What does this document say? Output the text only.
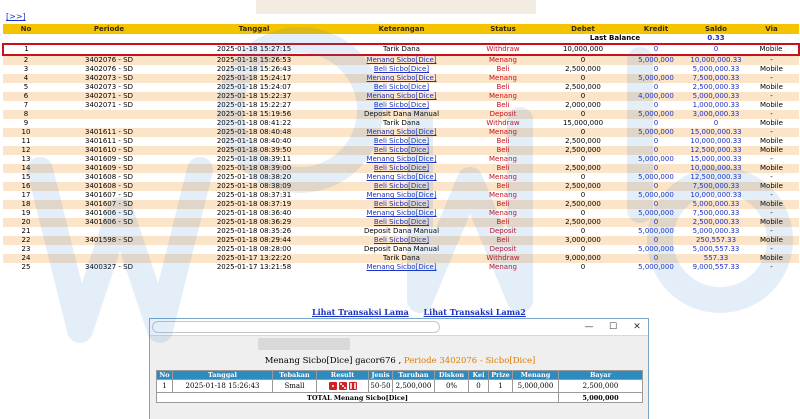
[>>]
No	Periode	Tanggal	Keterangan	Status	Debet	Kredit	Saldo	Via
					Last Balance		0.33	
1		2025-01-18 15:27:15	Tarik Dana	Withdraw	10,000,000	0	0	Mobile
2	3402076 - SD	2025-01-18 15:26:53	Menang Sicbo[Dice]	Menang	0	5,000,000	10,000,000.33	-
3	3402076 - SD	2025-01-18 15:26:43	Beli Sicbo[Dice]	Beli	2,500,000	0	5,000,000.33	Mobile
4	3402073 - SD	2025-01-18 15:24:17	Menang Sicbo[Dice]	Menang	0	5,000,000	7,500,000.33	-
5	3402073 - SD	2025-01-18 15:24:07	Beli Sicbo[Dice]	Beli	2,500,000	0	2,500,000.33	Mobile
6	3402071 - SD	2025-01-18 15:22:37	Menang Sicbo[Dice]	Menang	0	4,000,000	5,000,000.33	-
7	3402071 - SD	2025-01-18 15:22:27	Beli Sicbo[Dice]	Beli	2,000,000	0	1,000,000.33	Mobile
8		2025-01-18 15:19:56	Deposit Dana Manual	Deposit	0	5,000,000	3,000,000.33	-
9		2025-01-18 08:41:22	Tarik Dana	Withdraw	15,000,000	0	0	Mobile
10	3401611 - SD	2025-01-18 08:40:48	Menang Sicbo[Dice]	Menang	0	5,000,000	15,000,000.33	-
11	3401611 - SD	2025-01-18 08:40:40	Beli Sicbo[Dice]	Beli	2,500,000	0	10,000,000.33	Mobile
12	3401610 - SD	2025-01-18 08:39:50	Beli Sicbo[Dice]	Beli	2,500,000	0	12,500,000.33	Mobile
13	3401609 - SD	2025-01-18 08:39:11	Menang Sicbo[Dice]	Menang	0	5,000,000	15,000,000.33	-
14	3401609 - SD	2025-01-18 08:39:00	Beli Sicbo[Dice]	Beli	2,500,000	0	10,000,000.33	Mobile
15	3401608 - SD	2025-01-18 08:38:20	Menang Sicbo[Dice]	Menang	0	5,000,000	12,500,000.33	-
16	3401608 - SD	2025-01-18 08:38:09	Beli Sicbo[Dice]	Beli	2,500,000	0	7,500,000.33	Mobile
17	3401607 - SD	2025-01-18 08:37:31	Menang Sicbo[Dice]	Menang	0	5,000,000	10,000,000.33	-
18	3401607 - SD	2025-01-18 08:37:19	Beli Sicbo[Dice]	Beli	2,500,000	0	5,000,000.33	Mobile
19	3401606 - SD	2025-01-18 08:36:40	Menang Sicbo[Dice]	Menang	0	5,000,000	7,500,000.33	-
20	3401606 - SD	2025-01-18 08:36:29	Beli Sicbo[Dice]	Beli	2,500,000	0	2,500,000.33	Mobile
21		2025-01-18 08:35:26	Deposit Dana Manual	Deposit	0	5,000,000	5,000,000.33	-
22	3401598 - SD	2025-01-18 08:29:44	Beli Sicbo[Dice]	Beli	3,000,000	0	250,557.33	Mobile
23		2025-01-18 08:28:00	Deposit Dana Manual	Deposit	0	5,000,000	5,000,557.33	-
24		2025-01-17 13:22:20	Tarik Dana	Withdraw	9,000,000	0	557.33	Mobile
25	3400327 - SD	2025-01-17 13:21:58	Menang Sicbo[Dice]	Menang	0	5,000,000	9,000,557.33	-
Lihat Transaksi Lama Lihat Transaksi Lama2
—	☐	✕
Menang Sicbo[Dice] gacor676 , Periode 3402076 - Sicbo[Dice]
No	Tanggal	Tebakan	Result	Jenis	Taruhan	Diskon	Kei	Prize	Menang	Bayar
1	2025-01-18 15:26:43	Small		50-50	2,500,000	0%	0	1	5,000,000	2,500,000
TOTAL Menang Sicbo[Dice]										5,000,000
